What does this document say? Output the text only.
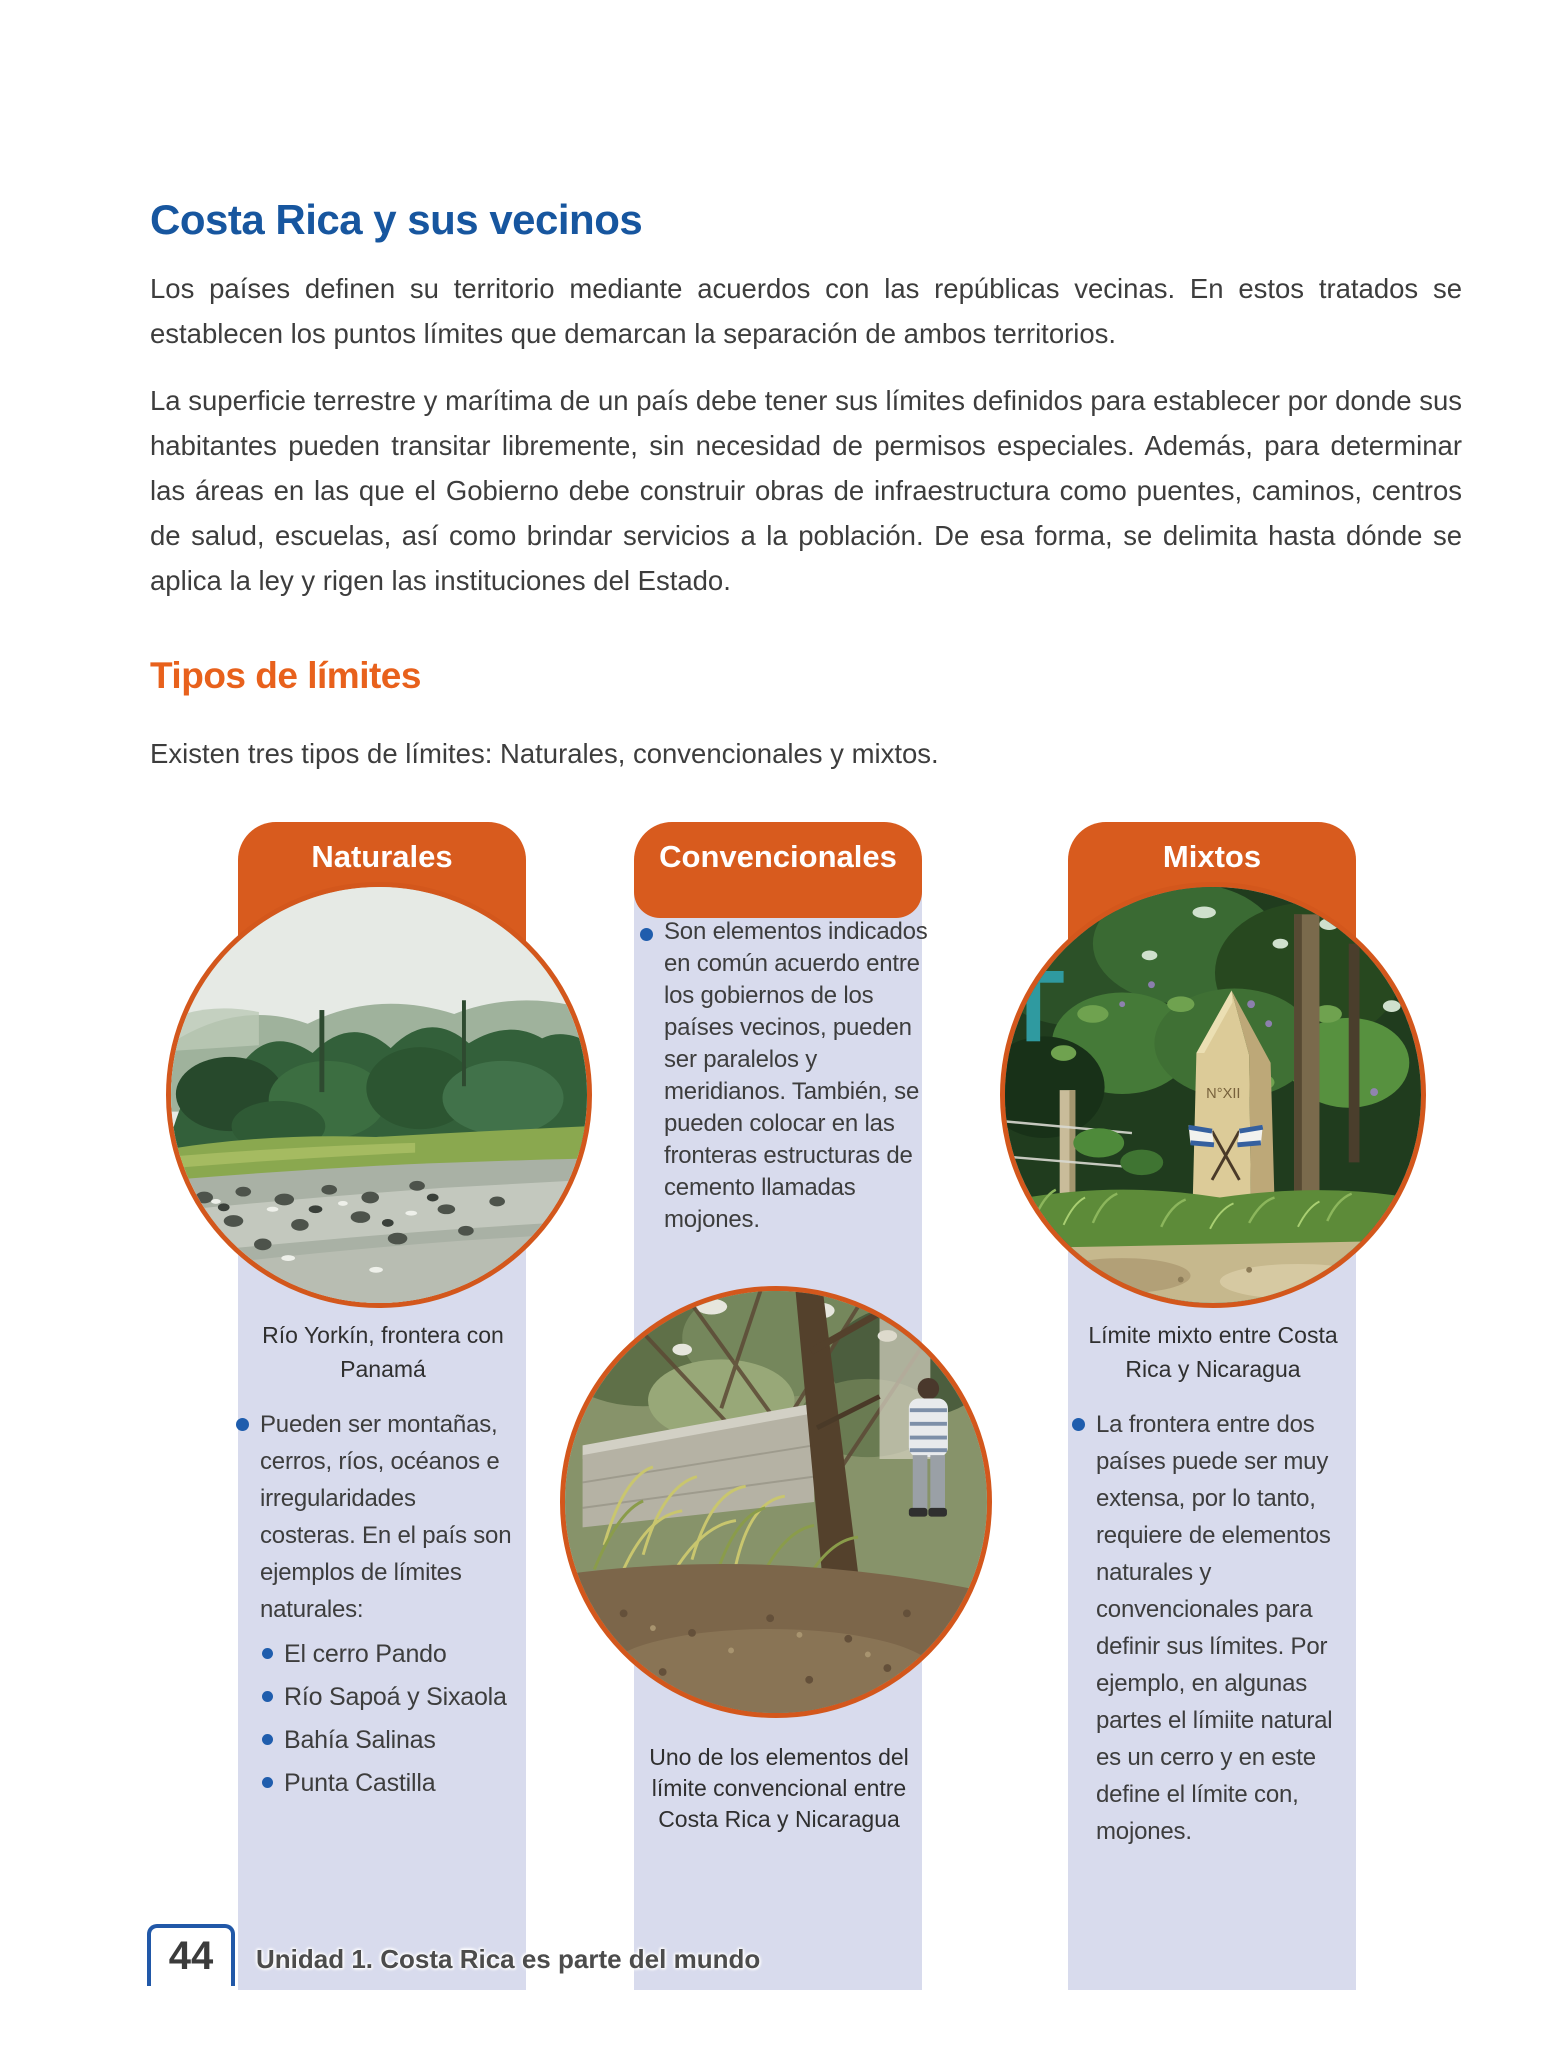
Costa Rica y sus vecinos

Los países definen su territorio mediante acuerdos con las repúblicas vecinas. En estos tratados se establecen los puntos límites que demarcan la separación de ambos territorios.

La superficie terrestre y marítima de un país debe tener sus límites definidos para establecer por donde sus habitantes pueden transitar libremente, sin necesidad de permisos especiales. Además, para determinar las áreas en las que el Gobierno debe construir obras de infraestructura como puentes, caminos, centros de salud, escuelas, así como brindar servicios a la población. De esa forma, se delimita hasta dónde se aplica la ley y rigen las instituciones del Estado.

Tipos de límites

Existen tres tipos de límites: Naturales, convencionales y mixtos.

Naturales	Convencionales	Mixtos
Río Yorkín, frontera con Panamá
Uno de los elementos del límite convencional entre Costa Rica y Nicaragua
N°XII
Límite mixto entre Costa Rica y Nicaragua
Pueden ser montañas, cerros, ríos, océanos e irregularidades costeras. En el país son ejemplos de límites naturales:
El cerro Pando
Río Sapoá y Sixaola
Bahía Salinas
Punta Castilla
Son elementos indicados en común acuerdo entre los gobiernos de los países vecinos, pueden ser paralelos y meridianos. También, se pueden colocar en las fronteras estructuras de cemento llamadas mojones.
La frontera entre dos países puede ser muy extensa, por lo tanto, requiere de elementos naturales y convencionales para definir sus límites. Por ejemplo, en algunas partes el límiite natural es un cerro y en este define el límite con, mojones.
44	Unidad 1. Costa Rica es parte del mundo
